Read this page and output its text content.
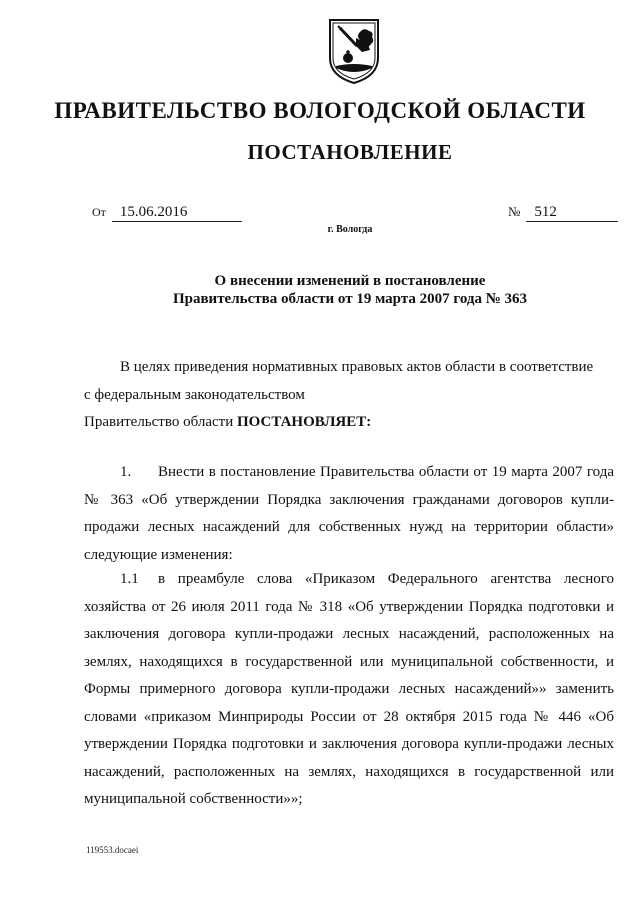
ПРАВИТЕЛЬСТВО ВОЛОГОДСКОЙ ОБЛАСТИ
ПОСТАНОВЛЕНИЕ
От 15.06.2016	№ 512
г. Вологда
О внесении изменений в постановление
Правительства области от 19 марта 2007 года № 363

В целях приведения нормативных правовых актов области в соответствие

с федеральным законодательством

Правительство области ПОСТАНОВЛЯЕТ:

1. Внести в постановление Правительства области от 19 марта 2007 года № 363 «Об утверждении Порядка заключения гражданами договоров купли-продажи лесных насаждений для собственных нужд на территории области» следующие изменения:

1.1 в преамбуле слова «Приказом Федерального агентства лесного хозяйства от 26 июля 2011 года № 318 «Об утверждении Порядка подготовки и заключения договора купли-продажи лесных насаждений, расположенных на землях, находящихся в государственной или муниципальной собственности, и Формы примерного договора купли-продажи лесных насаждений»» заменить словами «приказом Минприроды России от 28 октября 2015 года № 446 «Об утверждении Порядка подготовки и заключения договора купли-продажи лесных насаждений, расположенных на землях, находящихся в государственной или муниципальной собственности»»;

119553.docaei
